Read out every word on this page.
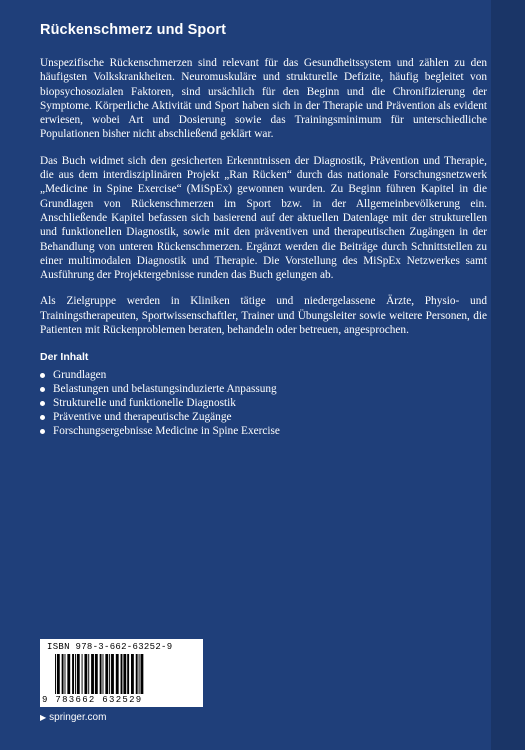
Rückenschmerz und Sport

Unspezifische Rückenschmerzen sind relevant für das Gesundheitssystem und zählen zu den häufigsten Volkskrankheiten. Neuromuskuläre und strukturelle Defizite, häufig begleitet von biopsychosozialen Faktoren, sind ursächlich für den Beginn und die Chronifizierung der Symptome. Körperliche Aktivität und Sport haben sich in der Therapie und Prävention als evident erwiesen, wobei Art und Dosierung sowie das Trainingsminimum für unterschiedliche Populationen bisher nicht abschließend geklärt war.

Das Buch widmet sich den gesicherten Erkenntnissen der Diagnostik, Prävention und Therapie, die aus dem interdisziplinären Projekt „Ran Rücken“ durch das nationale Forschungsnetzwerk „Medicine in Spine Exercise“ (MiSpEx) gewonnen wurden. Zu Beginn führen Kapitel in die Grundlagen von Rückenschmerzen im Sport bzw. in der Allgemeinbevölkerung ein. Anschließende Kapitel befassen sich basierend auf der aktuellen Datenlage mit der strukturellen und funktionellen Diagnostik, sowie mit den präventiven und therapeutischen Zugängen in der Behandlung von unteren Rückenschmerzen. Ergänzt werden die Beiträge durch Schnittstellen zu einer multimodalen Diagnostik und Therapie. Die Vorstellung des MiSpEx Netzwerkes samt Ausführung der Projektergebnisse runden das Buch gelungen ab.

Als Zielgruppe werden in Kliniken tätige und niedergelassene Ärzte, Physio- und Trainingstherapeuten, Sportwissenschaftler, Trainer und Übungsleiter sowie weitere Personen, die Patienten mit Rückenproblemen beraten, behandeln oder betreuen, angesprochen.

Der Inhalt
Grundlagen
Belastungen und belastungsinduzierte Anpassung
Strukturelle und funktionelle Diagnostik
Präventive und therapeutische Zugänge
Forschungsergebnisse Medicine in Spine Exercise
ISBN 978-3-662-63252-9
9 783662 632529
▶ springer.com
